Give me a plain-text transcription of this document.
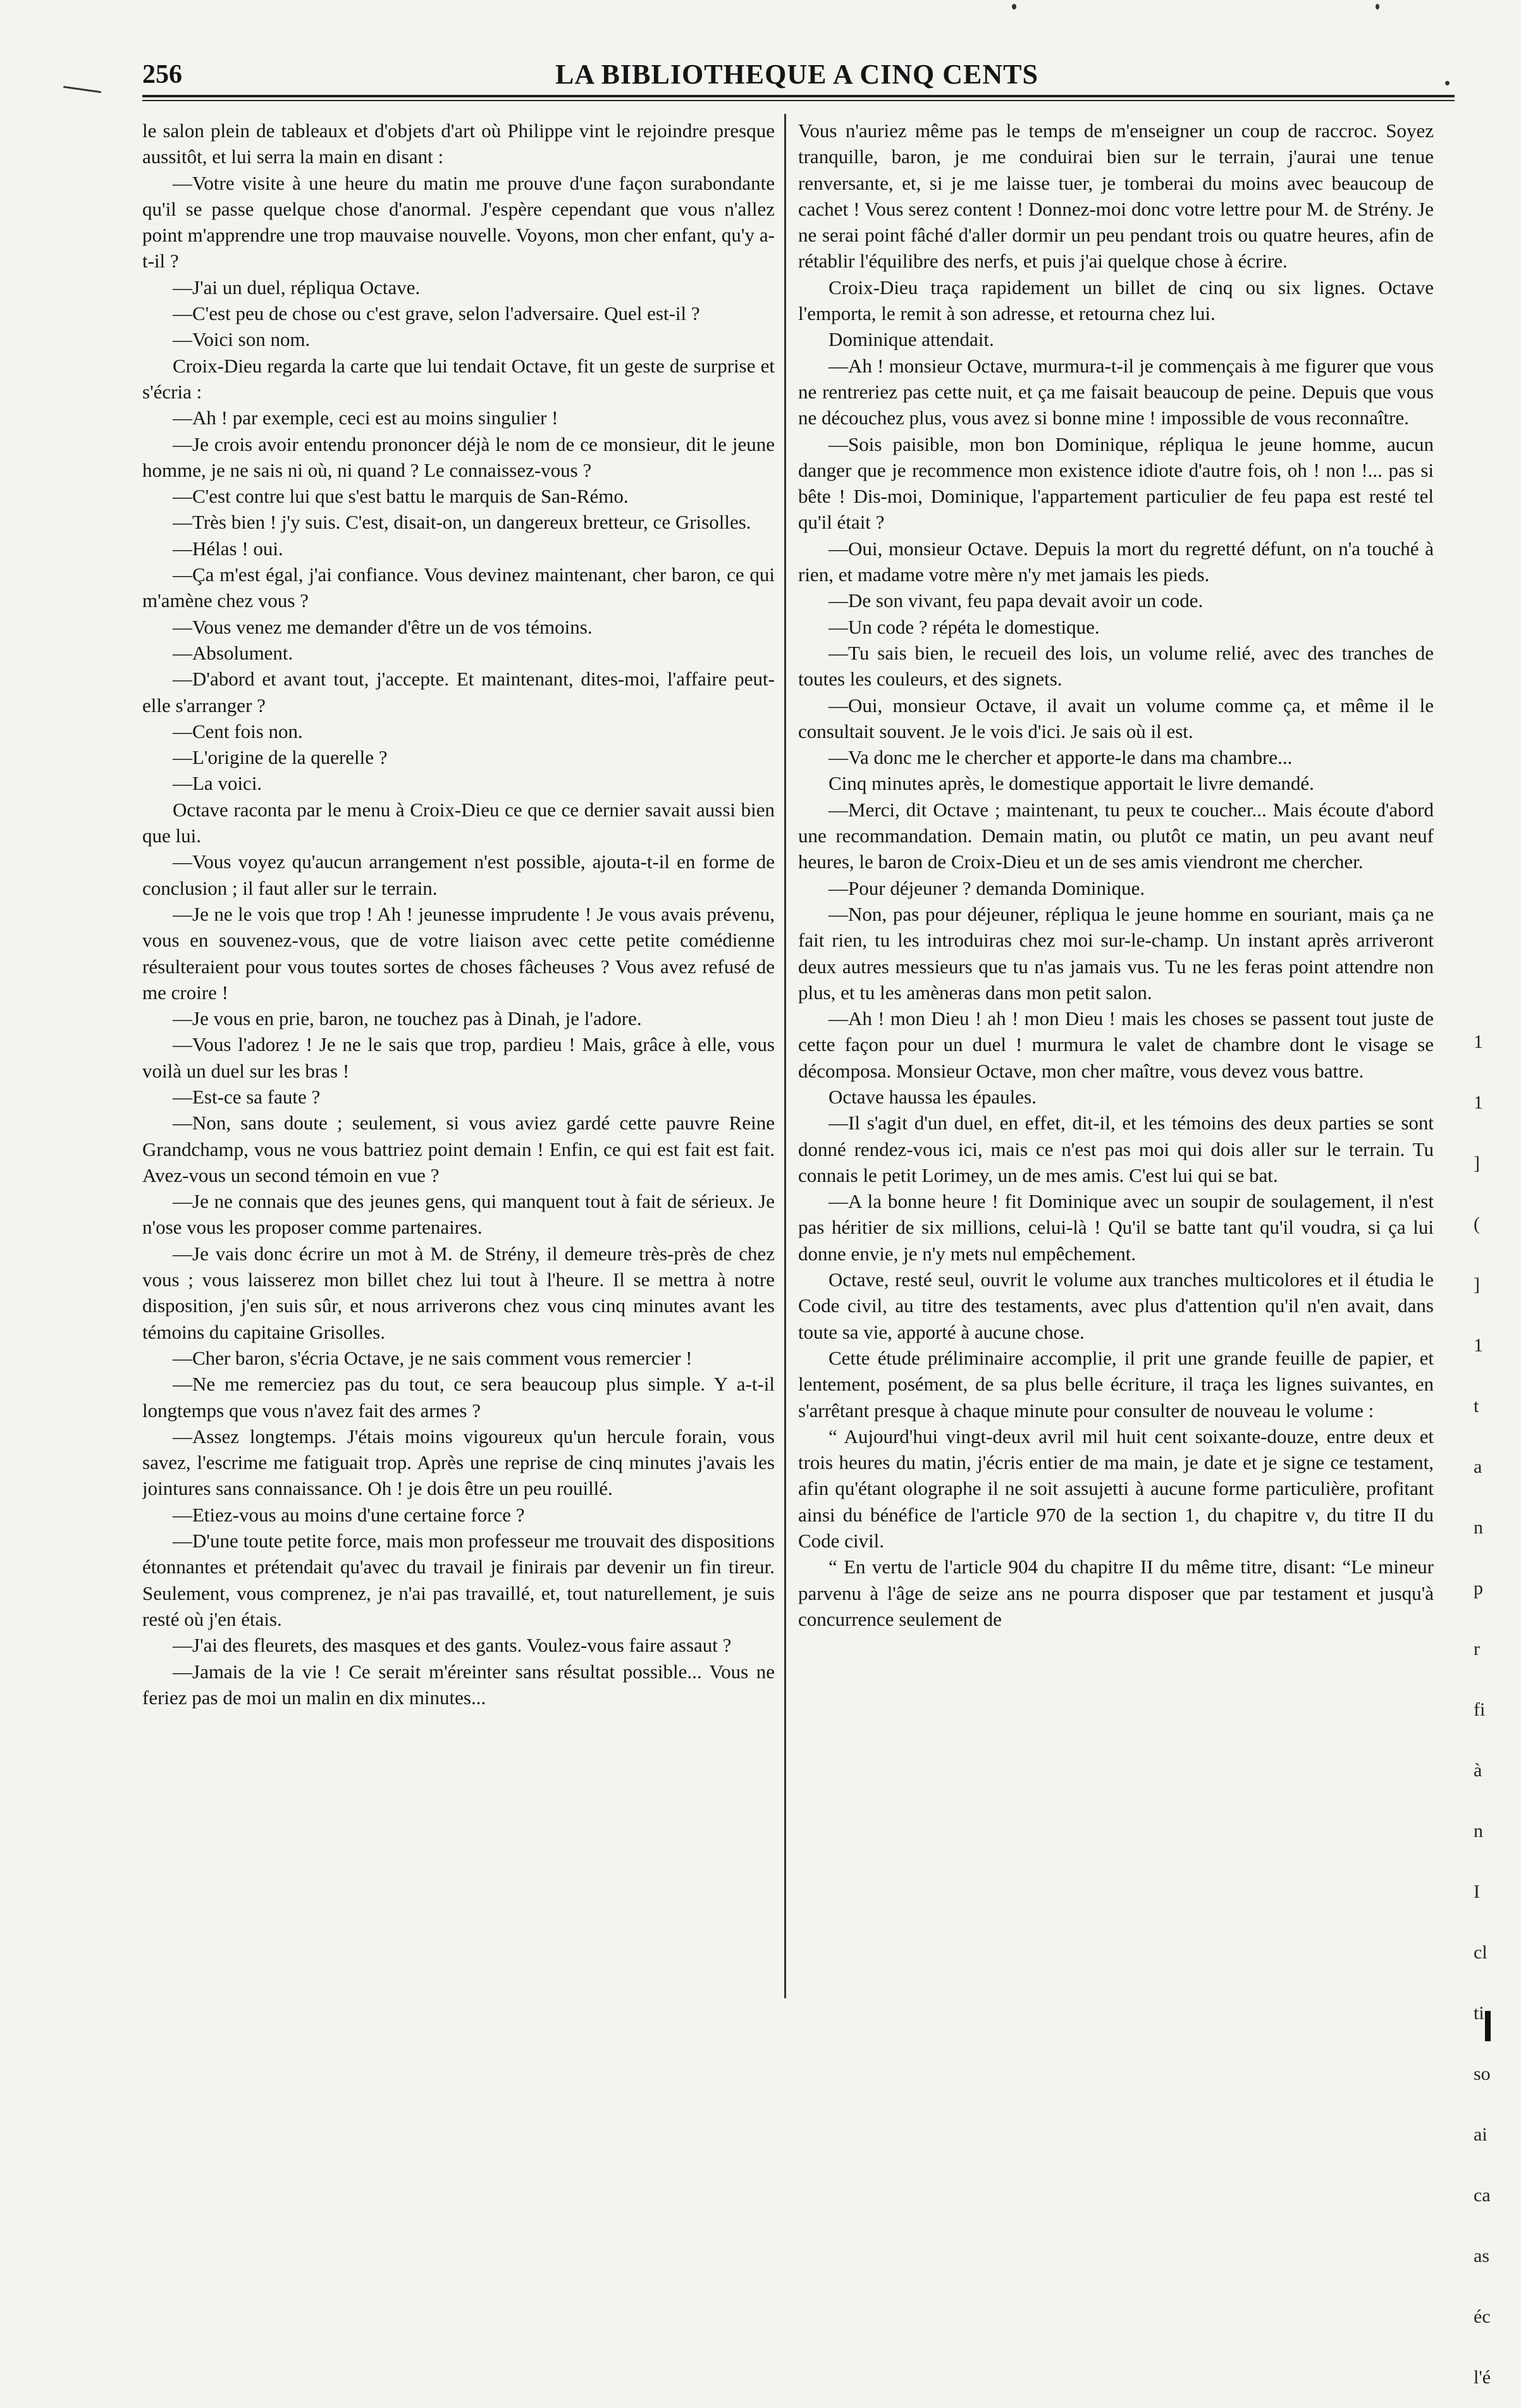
256	LA BIBLIOTHEQUE A CINQ CENTS

le salon plein de tableaux et d'objets d'art où Philippe vint le rejoindre presque aussitôt, et lui serra la main en disant :

—Votre visite à une heure du matin me prouve d'une façon surabondante qu'il se passe quelque chose d'anormal. J'espère cependant que vous n'allez point m'apprendre une trop mauvaise nouvelle. Voyons, mon cher enfant, qu'y a-t-il ?

—J'ai un duel, répliqua Octave.

—C'est peu de chose ou c'est grave, selon l'adversaire. Quel est-il ?

—Voici son nom.

Croix-Dieu regarda la carte que lui tendait Octave, fit un geste de surprise et s'écria :

—Ah ! par exemple, ceci est au moins singulier !

—Je crois avoir entendu prononcer déjà le nom de ce monsieur, dit le jeune homme, je ne sais ni où, ni quand ? Le connaissez-vous ?

—C'est contre lui que s'est battu le marquis de San-Rémo.

—Très bien ! j'y suis. C'est, disait-on, un dangereux bretteur, ce Grisolles.

—Hélas ! oui.

—Ça m'est égal, j'ai confiance. Vous devinez maintenant, cher baron, ce qui m'amène chez vous ?

—Vous venez me demander d'être un de vos témoins.

—Absolument.

—D'abord et avant tout, j'accepte. Et maintenant, dites-moi, l'affaire peut-elle s'arranger ?

—Cent fois non.

—L'origine de la querelle ?

—La voici.

Octave raconta par le menu à Croix-Dieu ce que ce dernier savait aussi bien que lui.

—Vous voyez qu'aucun arrangement n'est possible, ajouta-t-il en forme de conclusion ; il faut aller sur le terrain.

—Je ne le vois que trop ! Ah ! jeunesse imprudente ! Je vous avais prévenu, vous en souvenez-vous, que de votre liaison avec cette petite comédienne résulteraient pour vous toutes sortes de choses fâcheuses ? Vous avez refusé de me croire !

—Je vous en prie, baron, ne touchez pas à Dinah, je l'adore.

—Vous l'adorez ! Je ne le sais que trop, pardieu ! Mais, grâce à elle, vous voilà un duel sur les bras !

—Est-ce sa faute ?

—Non, sans doute ; seulement, si vous aviez gardé cette pauvre Reine Grandchamp, vous ne vous battriez point demain ! Enfin, ce qui est fait est fait. Avez-vous un second témoin en vue ?

—Je ne connais que des jeunes gens, qui manquent tout à fait de sérieux. Je n'ose vous les proposer comme partenaires.

—Je vais donc écrire un mot à M. de Strény, il demeure très-près de chez vous ; vous laisserez mon billet chez lui tout à l'heure. Il se mettra à notre disposition, j'en suis sûr, et nous arriverons chez vous cinq minutes avant les témoins du capitaine Grisolles.

—Cher baron, s'écria Octave, je ne sais comment vous remercier !

—Ne me remerciez pas du tout, ce sera beaucoup plus simple. Y a-t-il longtemps que vous n'avez fait des armes ?

—Assez longtemps. J'étais moins vigoureux qu'un hercule forain, vous savez, l'escrime me fatiguait trop. Après une reprise de cinq minutes j'avais les jointures sans connaissance. Oh ! je dois être un peu rouillé.

—Etiez-vous au moins d'une certaine force ?

—D'une toute petite force, mais mon professeur me trouvait des dispositions étonnantes et prétendait qu'avec du travail je finirais par devenir un fin tireur. Seulement, vous comprenez, je n'ai pas travaillé, et, tout naturellement, je suis resté où j'en étais.

—J'ai des fleurets, des masques et des gants. Voulez-vous faire assaut ?

—Jamais de la vie ! Ce serait m'éreinter sans résultat possible... Vous ne feriez pas de moi un malin en dix minutes...

Vous n'auriez même pas le temps de m'enseigner un coup de raccroc. Soyez tranquille, baron, je me conduirai bien sur le terrain, j'aurai une tenue renversante, et, si je me laisse tuer, je tomberai du moins avec beaucoup de cachet ! Vous serez content ! Donnez-moi donc votre lettre pour M. de Strény. Je ne serai point fâché d'aller dormir un peu pendant trois ou quatre heures, afin de rétablir l'équilibre des nerfs, et puis j'ai quelque chose à écrire.

Croix-Dieu traça rapidement un billet de cinq ou six lignes. Octave l'emporta, le remit à son adresse, et retourna chez lui.

Dominique attendait.

—Ah ! monsieur Octave, murmura-t-il je commençais à me figurer que vous ne rentreriez pas cette nuit, et ça me faisait beaucoup de peine. Depuis que vous ne découchez plus, vous avez si bonne mine ! impossible de vous reconnaître.

—Sois paisible, mon bon Dominique, répliqua le jeune homme, aucun danger que je recommence mon existence idiote d'autre fois, oh ! non !... pas si bête ! Dis-moi, Dominique, l'appartement particulier de feu papa est resté tel qu'il était ?

—Oui, monsieur Octave. Depuis la mort du regretté défunt, on n'a touché à rien, et madame votre mère n'y met jamais les pieds.

—De son vivant, feu papa devait avoir un code.

—Un code ? répéta le domestique.

—Tu sais bien, le recueil des lois, un volume relié, avec des tranches de toutes les couleurs, et des signets.

—Oui, monsieur Octave, il avait un volume comme ça, et même il le consultait souvent. Je le vois d'ici. Je sais où il est.

—Va donc me le chercher et apporte-le dans ma chambre...

Cinq minutes après, le domestique apportait le livre demandé.

—Merci, dit Octave ; maintenant, tu peux te coucher... Mais écoute d'abord une recommandation. Demain matin, ou plutôt ce matin, un peu avant neuf heures, le baron de Croix-Dieu et un de ses amis viendront me chercher.

—Pour déjeuner ? demanda Dominique.

—Non, pas pour déjeuner, répliqua le jeune homme en souriant, mais ça ne fait rien, tu les introduiras chez moi sur-le-champ. Un instant après arriveront deux autres messieurs que tu n'as jamais vus. Tu ne les feras point attendre non plus, et tu les amèneras dans mon petit salon.

—Ah ! mon Dieu ! ah ! mon Dieu ! mais les choses se passent tout juste de cette façon pour un duel ! murmura le valet de chambre dont le visage se décomposa. Monsieur Octave, mon cher maître, vous devez vous battre.

Octave haussa les épaules.

—Il s'agit d'un duel, en effet, dit-il, et les témoins des deux parties se sont donné rendez-vous ici, mais ce n'est pas moi qui dois aller sur le terrain. Tu connais le petit Lorimey, un de mes amis. C'est lui qui se bat.

—A la bonne heure ! fit Dominique avec un soupir de soulagement, il n'est pas héritier de six millions, celui-là ! Qu'il se batte tant qu'il voudra, si ça lui donne envie, je n'y mets nul empêchement.

Octave, resté seul, ouvrit le volume aux tranches multicolores et il étudia le Code civil, au titre des testaments, avec plus d'attention qu'il n'en avait, dans toute sa vie, apporté à aucune chose.

Cette étude préliminaire accomplie, il prit une grande feuille de papier, et lentement, posément, de sa plus belle écriture, il traça les lignes suivantes, en s'arrêtant presque à chaque minute pour consulter de nouveau le volume :

“ Aujourd'hui vingt-deux avril mil huit cent soixante-douze, entre deux et trois heures du matin, j'écris entier de ma main, je date et je signe ce testament, afin qu'étant olographe il ne soit assujetti à aucune forme particulière, profitant ainsi du bénéfice de l'article 970 de la section 1, du chapitre v, du titre II du Code civil.

“ En vertu de l'article 904 du chapitre II du même titre, disant: “Le mineur parvenu à l'âge de seize ans ne pourra disposer que par testament et jusqu'à concurrence seulement de

1
1
]
(
]
1
t
a
n
p
r
fi
à
n
I
cl
ti
so
ai
ca
as
éc
l'é
